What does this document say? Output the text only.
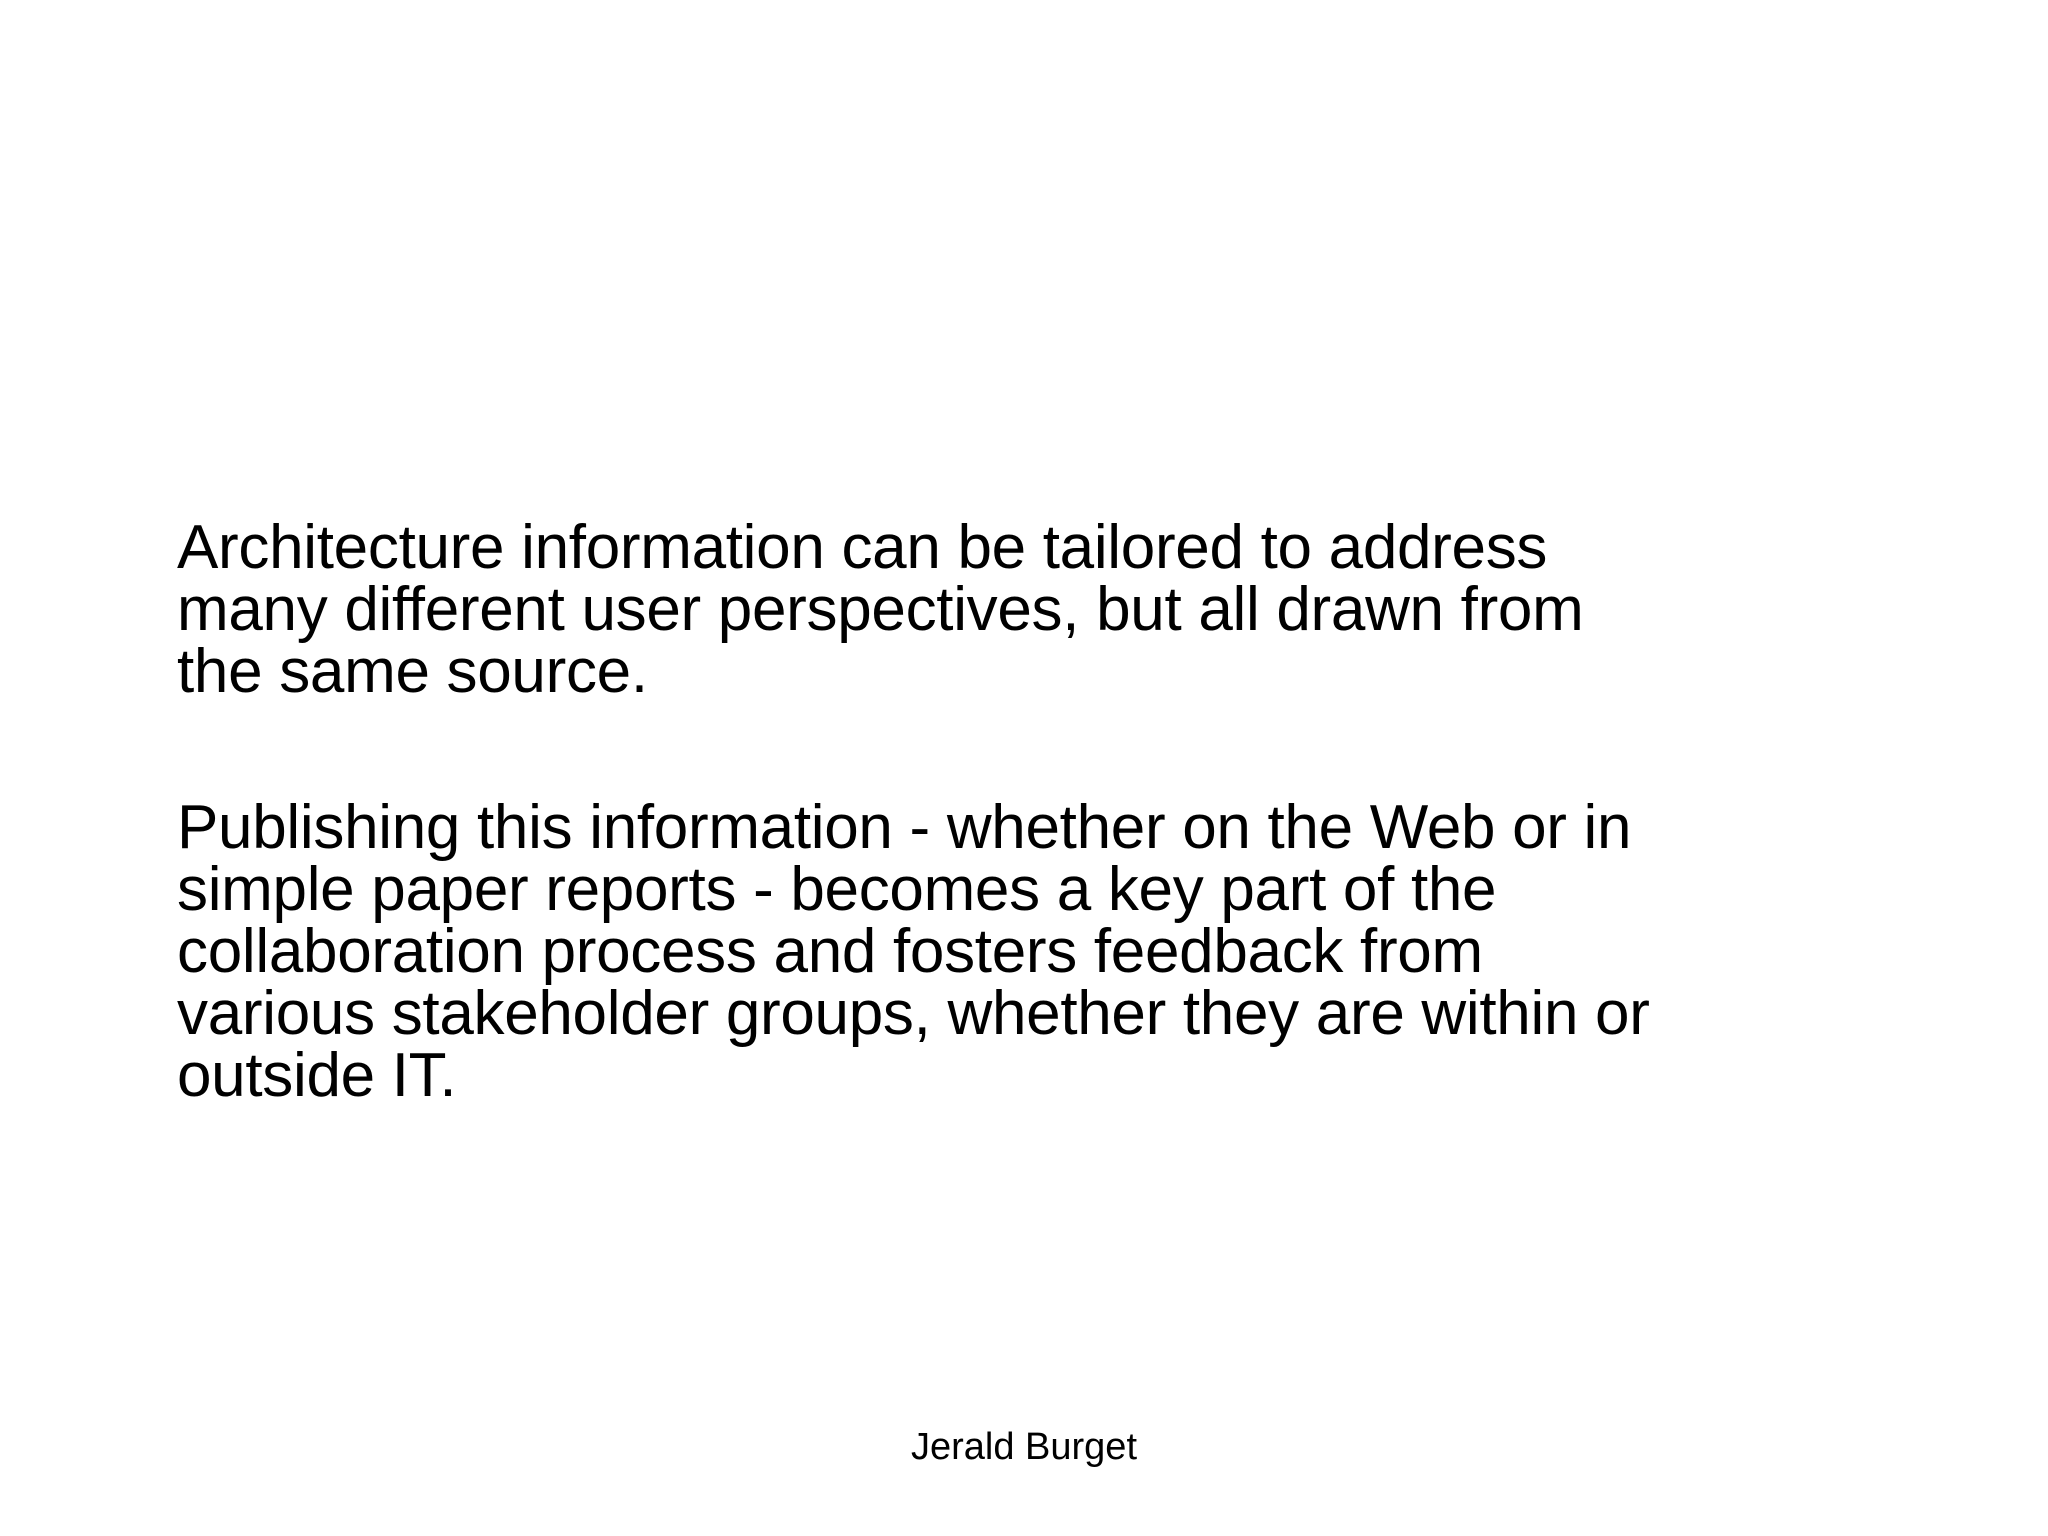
Architecture information can be tailored to address
many different user perspectives, but all drawn from
the same source.

Publishing this information - whether on the Web or in
simple paper reports - becomes a key part of the
collaboration process and fosters feedback from
various stakeholder groups, whether they are within or
outside IT.

Jerald Burget
